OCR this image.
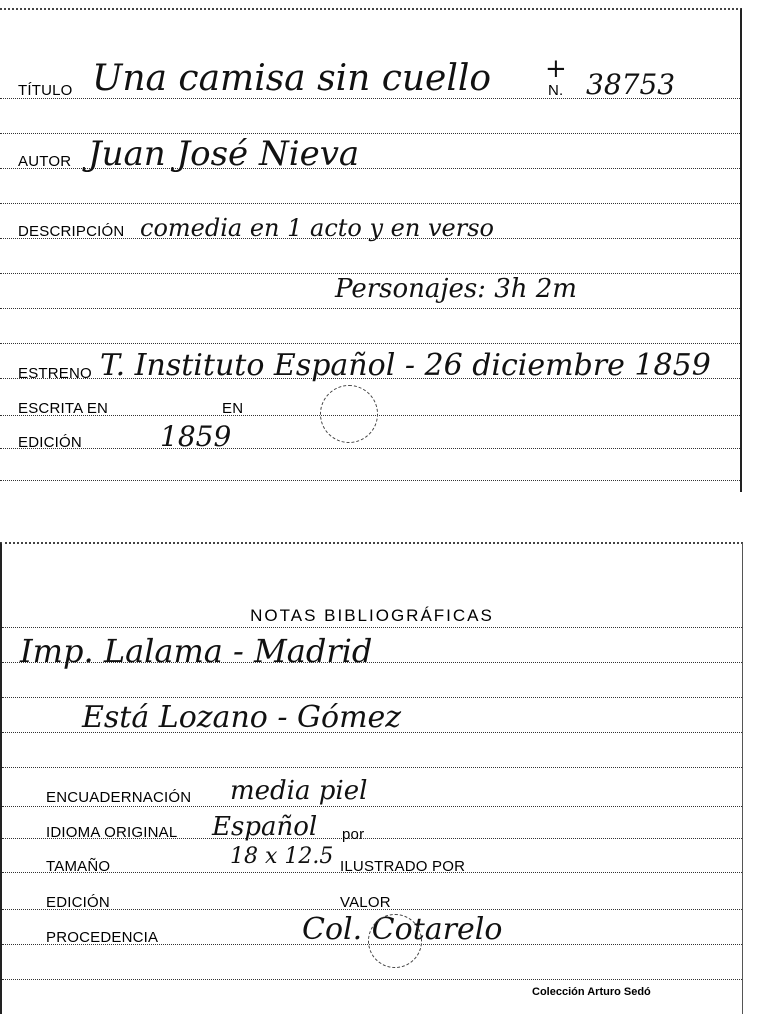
TÍTULO Una camisa sin cuello +
N. 38753
AUTOR Juan José Nieva
DESCRIPCIÓN comedia en 1 acto y en verso
Personajes: 3h 2m
ESTRENO T. Instituto Español - 26 diciembre 1859
ESCRITA EN	EN
EDICIÓN	1859
NOTAS BIBLIOGRÁFICAS
Imp. Lalama - Madrid
Está Lozano - Gómez
ENCUADERNACIÓN media piel
IDIOMA ORIGINAL Español por
TAMAÑO	18 x 12.5 ILUSTRADO POR
EDICIÓN	VALOR
PROCEDENCIA	Col. Cotarelo
Colección Arturo Sedó
